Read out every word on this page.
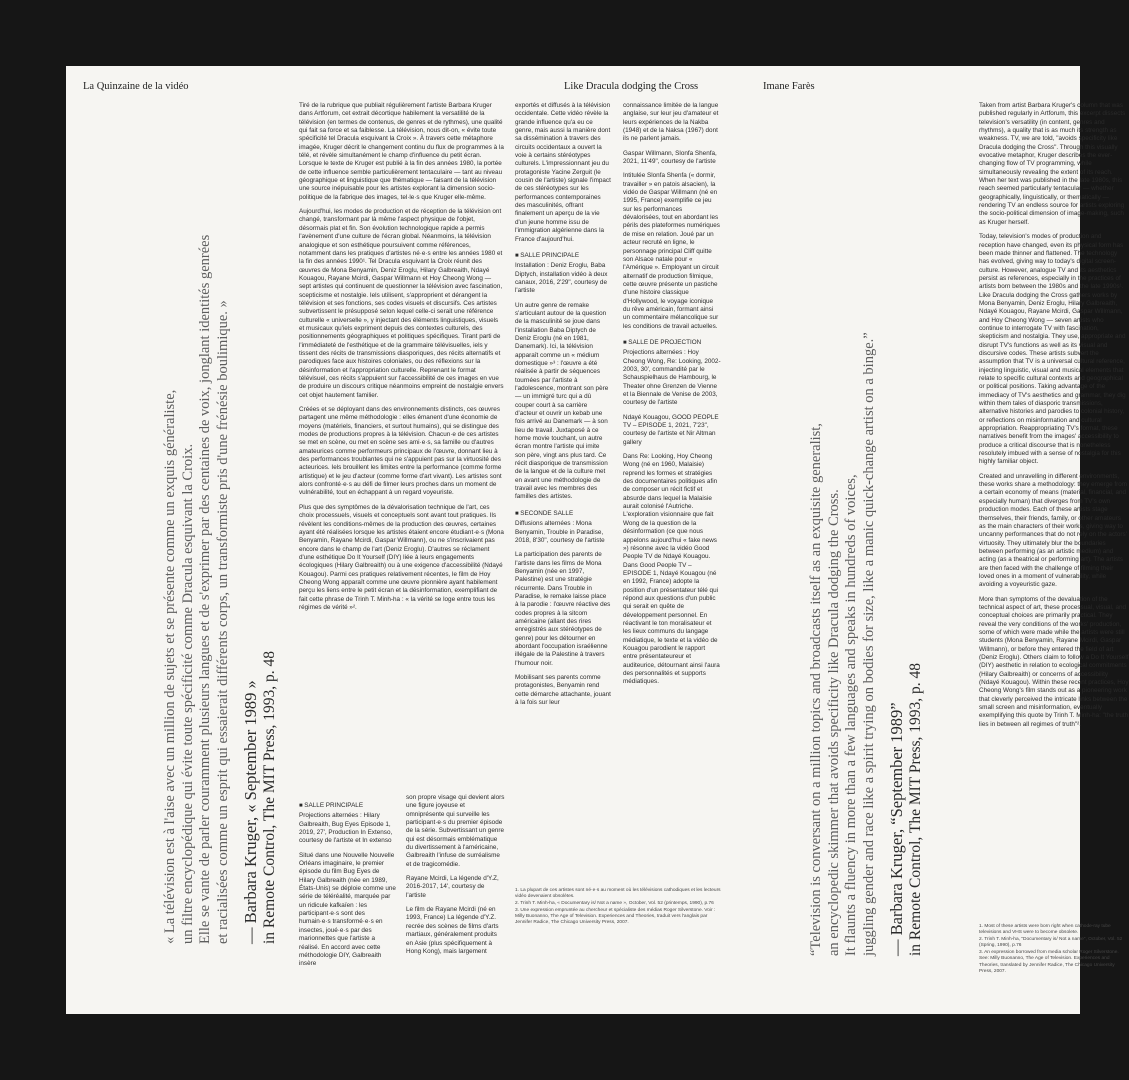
La Quinzaine de la vidéo	Like Dracula dodging the Cross	Imane Farès
« La télévision est à l'aise avec un million de sujets et se présente comme un exquis généraliste, un filtre encyclopédique qui évite toute spécificité comme Dracula esquivant la Croix. Elle se vante de parler couramment plusieurs langues et de s'exprimer par des centaines de voix, jonglant identités genrées et racialisées comme un esprit qui essaierait différents corps, un transformiste pris d'une frénésie boulimique. » — Barbara Kruger, « September 1989 » in Remote Control, The MIT Press, 1993, p. 48

Tiré de la rubrique que publiait régulièrement l'artiste Barbara Kruger dans Artforum, cet extrait décortique habilement la versatilité de la télévision (en termes de contenus, de genres et de rythmes), une qualité qui fait sa force et sa faiblesse. La télévision, nous dit-on, « évite toute spécificité tel Dracula esquivant la Croix ». À travers cette métaphore imagée, Kruger décrit le changement continu du flux de programmes à la télé, et révèle simultanément le champ d'influence du petit écran. Lorsque le texte de Kruger est publié à la fin des années 1980, la portée de cette influence semble particulièrement tentaculaire — tant au niveau géographique et linguistique que thématique — faisant de la télévision une source inépuisable pour les artistes explorant la dimension socio-politique de la fabrique des images, tel·le·s que Kruger elle-même.

Aujourd'hui, les modes de production et de réception de la télévision ont changé, transformant par là même l'aspect physique de l'objet, désormais plat et fin. Son évolution technologique rapide a permis l'avènement d'une culture de l'écran global. Néanmoins, la télévision analogique et son esthétique poursuivent comme références, notamment dans les pratiques d'artistes né·e·s entre les années 1980 et la fin des années 1990¹. Tel Dracula esquivant la Croix réunit des œuvres de Mona Benyamin, Deniz Eroglu, Hilary Galbreaith, Ndayé Kouagou, Rayane Mcirdi, Gaspar Willmann et Hoy Cheong Wong — sept artistes qui continuent de questionner la télévision avec fascination, scepticisme et nostalgie. Iels utilisent, s'approprient et dérangent la télévision et ses fonctions, ses codes visuels et discursifs. Ces artistes subvertissent le présupposé selon lequel celle-ci serait une référence culturelle « universelle », y injectant des éléments linguistiques, visuels et musicaux qu'iels expriment depuis des contextes culturels, des positionnements géographiques et politiques spécifiques. Tirant parti de l'immédiateté de l'esthétique et de la grammaire télévisuelles, iels y tissent des récits de transmissions diasporiques, des récits alternatifs et parodiques face aux histoires coloniales, ou des réflexions sur la désinformation et l'appropriation culturelle. Reprenant le format télévisuel, ces récits s'appuient sur l'accessibilité de ces images en vue de produire un discours critique néanmoins empreint de nostalgie envers cet objet hautement familier.

Créées et se déployant dans des environnements distincts, ces œuvres partagent une même méthodologie : elles émanent d'une économie de moyens (matériels, financiers, et surtout humains), qui se distingue des modes de productions propres à la télévision. Chacun·e de ces artistes se met en scène, ou met en scène ses ami·e·s, sa famille ou d'autres amateurices comme performeurs principaux de l'œuvre, donnant lieu à des performances troublantes qui ne s'appuient pas sur la virtuosité des acteurices. Iels brouillent les limites entre la performance (comme forme artistique) et le jeu d'acteur (comme forme d'art vivant). Les artistes sont alors confronté·e·s au défi de filmer leurs proches dans un moment de vulnérabilité, tout en échappant à un regard voyeuriste.

Plus que des symptômes de la dévalorisation technique de l'art, ces choix processuels, visuels et conceptuels sont avant tout pratiques. Ils révèlent les conditions-mêmes de la production des œuvres, certaines ayant été réalisées lorsque les artistes étaient encore étudiant·e·s (Mona Benyamin, Rayane Mcirdi, Gaspar Willmann), ou ne s'inscrivaient pas encore dans le champ de l'art (Deniz Eroglu). D'autres se réclament d'une esthétique Do It Yourself (DIY) liée à leurs engagements écologiques (Hilary Galbreaith) ou à une exigence d'accessibilité (Ndayé Kouagou). Parmi ces pratiques relativement récentes, le film de Hoy Cheong Wong apparaît comme une œuvre pionnière ayant habilement perçu les liens entre le petit écran et la désinformation, exemplifiant de fait cette phrase de Trinh T. Minh-ha : « la vérité se loge entre tous les régimes de vérité »².

■ SALLE PRINCIPALE

Projections alternées : Hilary Galbreaith, Bug Eyes Episode 1, 2019, 27', Production In Extenso, courtesy de l'artiste et In extenso

Situé dans une Nouvelle Nouvelle Orléans imaginaire, le premier épisode du film Bug Eyes de Hilary Galbreaith (née en 1989, États-Unis) se déploie comme une série de téléréalité, marquée par un ridicule kafkaïen : les participant·e·s sont des humain·e·s transformé·e·s en insectes, joué·e·s par des marionnettes que l'artiste a réalisé. En accord avec cette méthodologie DIY, Galbreaith insère

son propre visage qui devient alors une figure joyeuse et omniprésente qui surveille les participant·e·s du premier épisode de la série. Subvertissant un genre qui est désormais emblématique du divertissement à l'américaine, Galbreaith l'infuse de surréalisme et de tragicomédie.

Rayane Mcirdi, La légende d'Y.Z, 2016-2017, 14', courtesy de l'artiste

Le film de Rayane Mcirdi (né en 1993, France) La légende d'Y.Z. recrée des scènes de films d'arts martiaux, généralement produits en Asie (plus spécifiquement à Hong Kong), mais largement

exportés et diffusés à la télévision occidentale. Cette vidéo révèle la grande influence qu'a eu ce genre, mais aussi la manière dont sa dissémination à travers des circuits occidentaux a ouvert la voie à certains stéréotypes culturels. L'impressionnant jeu du protagoniste Yacine Zerguit (le cousin de l'artiste) signale l'impact de ces stéréotypes sur les performances contemporaines des masculinités, offrant finalement un aperçu de la vie d'un jeune homme issu de l'immigration algérienne dans la France d'aujourd'hui.

■ SALLE PRINCIPALE

Installation : Deniz Eroglu, Baba Diptych, installation vidéo à deux canaux, 2016, 2'29", courtesy de l'artiste

Un autre genre de remake s'articulant autour de la question de la masculinité se joue dans l'installation Baba Diptych de Deniz Eroglu (né en 1981, Danemark). Ici, la télévision apparaît comme un « médium domestique »³ : l'œuvre a été réalisée à partir de séquences tournées par l'artiste à l'adolescence, montrant son père — un immigré turc qui a dû couper court à sa carrière d'acteur et ouvrir un kebab une fois arrivé au Danemark — à son lieu de travail. Juxtaposé à ce home movie touchant, un autre écran montre l'artiste qui imite son père, vingt ans plus tard. Ce récit diasporique de transmission de la langue et de la culture met en avant une méthodologie de travail avec les membres des familles des artistes.

■ SECONDE SALLE

Diffusions alternées : Mona Benyamin, Trouble in Paradise, 2018, 8'30", courtesy de l'artiste

La participation des parents de l'artiste dans les films de Mona Benyamin (née en 1997, Palestine) est une stratégie récurrente. Dans Trouble in Paradise, le remake laisse place à la parodie : l'œuvre réactive des codes propres à la sitcom américaine (allant des rires enregistrés aux stéréotypes de genre) pour les détourner en abordant l'occupation israélienne illégale de la Palestine à travers l'humour noir.

Mobilisant ses parents comme protagonistes, Benyamin rend cette démarche attachante, jouant à la fois sur leur

connaissance limitée de la langue anglaise, sur leur jeu d'amateur et leurs expériences de la Nakba (1948) et de la Naksa (1967) dont ils ne parlent jamais.

Gaspar Willmann, Slonfa Shenfa, 2021, 11'49", courtesy de l'artiste

Intitulée Slonfa Shenfa (« dormir, travailler » en patois alsacien), la vidéo de Gaspar Willmann (né en 1995, France) exemplifie ce jeu sur les performances dévalorisées, tout en abordant les périls des plateformes numériques de mise en relation. Joué par un acteur recruté en ligne, le personnage principal Cliff quitte son Alsace natale pour « l'Amérique ». Employant un circuit alternatif de production filmique, cette œuvre présente un pastiche d'une histoire classique d'Hollywood, le voyage iconique du rêve américain, formant ainsi un commentaire mélancolique sur les conditions de travail actuelles.

■ SALLE DE PROJECTION

Projections alternées : Hoy Cheong Wong, Re: Looking, 2002-2003, 30', commandité par le Schauspielhaus de Hambourg, le Theater ohne Grenzen de Vienne et la Biennale de Venise de 2003, courtesy de l'artiste

Ndayé Kouagou, GOOD PEOPLE TV – EPISODE 1, 2021, 7'23", courtesy de l'artiste et Nir Altman gallery

Dans Re: Looking, Hoy Cheong Wong (né en 1960, Malaisie) reprend les formes et stratégies des documentaires politiques afin de composer un récit fictif et absurde dans lequel la Malaisie aurait colonisé l'Autriche. L'exploration visionnaire que fait Wong de la question de la désinformation (ce que nous appelons aujourd'hui « fake news ») résonne avec la vidéo Good People TV de Ndayé Kouagou. Dans Good People TV – EPISODE 1, Ndayé Kouagou (né en 1992, France) adopte la position d'un présentateur télé qui répond aux questions d'un public qui serait en quête de développement personnel. En réactivant le ton moralisateur et les lieux communs du langage médiatique, le texte et la vidéo de Kouagou parodient le rapport entre présentateureur et auditeurice, détournant ainsi l'aura des personnalités et supports médiatiques.

1. La plupart de ces artistes sont né·e·s au moment où les télévisions cathodiques et les lecteurs vidéo devenaient obsolètes.
2. Trinh T. Minh-ha, « Documentary is/ Not a name », October, Vol. 52 (printemps, 1990), p.76
3. Une expression empruntée au chercheur et spécialiste des médias Roger Silverstone. Voir : Milly Buonanno, The Age of Television. Experiences and Theories, traduit vers l'anglais par Jennifer Radice, The Chicago University Press, 2007.	“Television is conversant on a million topics and broadcasts itself as an exquisite generalist, an encyclopedic skimmer that avoids specificity like Dracula dodging the Cross. It flaunts a fluency in more than a few languages and speaks in hundreds of voices, juggling gender and race like a spirit trying on bodies for size, like a manic quick-change artist on a binge.” — Barbara Kruger, “September 1989” in Remote Control, The MIT Press, 1993, p. 48

Taken from artist Barbara Kruger's column that was published regularly in Artforum, this excerpt dissects television's versatility (in content, genres and rhythms), a quality that is as much its strength as weakness. TV, we are told, "avoids specificity like Dracula dodging the Cross". Through this visually evocative metaphor, Kruger describes the ever-changing flow of TV programming, while simultaneously revealing the extent of its reach. When her text was published in the late 1980s, this reach seemed particularly tentacular — whether geographically, linguistically, or thematically — rendering TV an endless source for artists exploring the socio-political dimension of image-making, such as Kruger herself.

Today, television's modes of production and reception have changed, even its physical form has been made thinner and flattened. The technology has evolved, giving way to today's digital screen-culture. However, analogue TV and its aesthetics persist as references, especially in the practices of artists born between the 1980s and the late 1990s¹. Like Dracula dodging the Cross gathers works by Mona Benyamin, Deniz Eroglu, Hilary Galbreaith, Ndayé Kouagou, Rayane Mcirdi, Gaspar Willmann, and Hoy Cheong Wong — seven artists who continue to interrogate TV with fascination, skepticism and nostalgia. They use, appropriate and disrupt TV's functions as well as its visual and discursive codes. These artists subvert the assumption that TV is a universal cultural reference, injecting linguistic, visual and musical elements that relate to specific cultural contexts and geographical or political positions. Taking advantage of the immediacy of TV's aesthetics and grammar, they dig within them tales of diasporic transmissions, alternative histories and parodies to colonial history, or reflections on misinformation and cultural appropriation. Reappropriating TV's format, these narratives benefit from the images' accessibility to produce a critical discourse that is nonetheless resolutely imbued with a sense of nostalgia for this highly familiar object.

Created and unravelling in different environments, these works share a methodology: they emerge from a certain economy of means (material, financial, and especially human) that diverges from TV's own production modes. Each of these artists stage themselves, their friends, family, or other amateurs as the main characters of their works, giving way to uncanny performances that do not rely on the actors' virtuosity. They ultimately blur the boundaries between performing (as an artistic medium) and acting (as a theatrical or performing art). The artists are then faced with the challenge of filming their loved ones in a moment of vulnerability, while avoiding a voyeuristic gaze.

More than symptoms of the devaluation of the technical aspect of art, these processual, visual, and conceptual choices are primarily practical. They reveal the very conditions of the works' production, some of which were made while the artists were still students (Mona Benyamin, Rayane Mcirdi, Gaspar Willmann), or before they entered the field of art (Deniz Eroglu). Others claim to follow a Do It Yourself (DIY) aesthetic in relation to ecological commitments (Hilary Galbreaith) or concerns of accessibility (Ndayé Kouagou). Within these recent practices, Hoy Cheong Wong's film stands out as a pioneering work that cleverly perceived the intricate links between the small screen and misinformation, eventually exemplifying this quote by Trinh T. Minh-ha: "the truth lies in between all regimes of truth"².

1. Most of these artists were born right when cathode-ray tube televisions and VHS were to become obsolete.
2. Trinh T. Minh-ha, "Documentary is/ Not a name", October, Vol. 52 (Spring, 1990), p.76
3. An expression borrowed from media scholar Roger Silverstone. See: Milly Buonanno, The Age of Television. Experiences and Theories, translated by Jennifer Radice, The Chicago University Press, 2007.
